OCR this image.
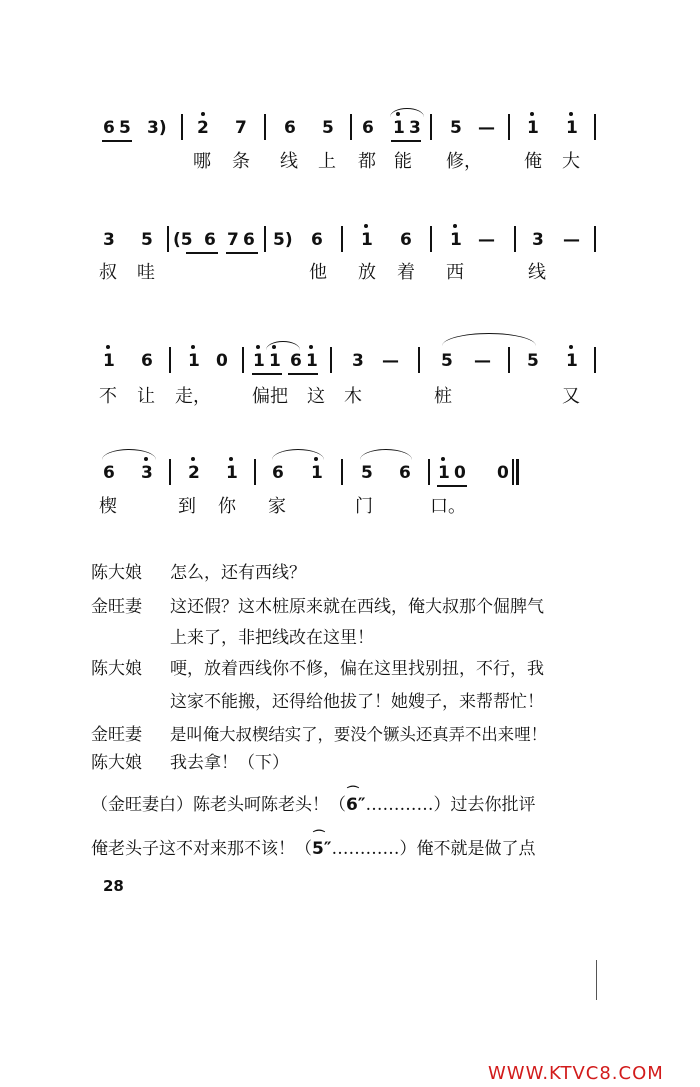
6 5 3) 2 7 6 5 6 1 3 5 — 1 1
哪 条 线 上 都 能 修， 俺 大
3 5 (5 6 7 6 5) 6 1 6 1 — 3 —
叔 哇	他 放 着 西	线
1 6 1 0 1 1 6 1 3 — 5 — 5 1
不 让 走， 偏把 这 木	桩	又
6 3 2 1 6 1 5 6 1 0 0
楔	到 你 家	门	口。
陈大娘 怎么，还有西线？
金旺妻 这还假？这木桩原来就在西线，俺大叔那个倔脾气
上来了，非把线改在这里！
陈大娘 哽，放着西线你不修，偏在这里找别扭，不行，我
这家不能搬，还得给他拔了！她嫂子，来帮帮忙！
金旺妻 是叫俺大叔楔结实了，要没个镢头还真弄不出来哩！
陈大娘 我去拿！（下）
（金旺妻白）陈老头呵陈老头！（
⌒
6″…………）过去你批评
俺老头子这不对来那不该！（
⌒
5″…………）俺不就是做了点
28
WWW.KTVC8.COM
